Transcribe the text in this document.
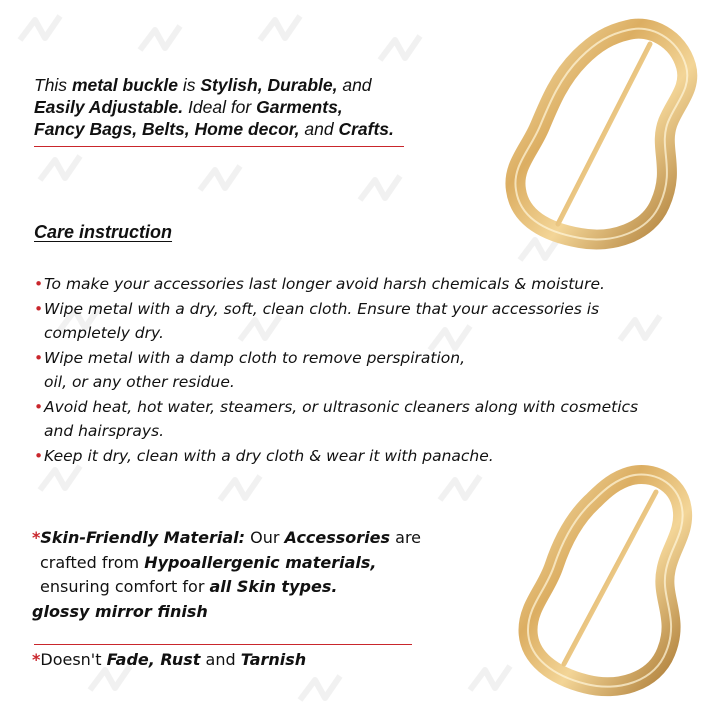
This metal buckle is Stylish, Durable, and
Easily Adjustable. Ideal for Garments,
Fancy Bags, Belts, Home decor, and Crafts.
Care instruction
• To make your accessories last longer avoid harsh chemicals & moisture.
• Wipe metal with a dry, soft, clean cloth. Ensure that your accessories is
completely dry.
• Wipe metal with a damp cloth to remove perspiration,
oil, or any other residue.
• Avoid heat, hot water, steamers, or ultrasonic cleaners along with cosmetics
and hairsprays.
• Keep it dry, clean with a dry cloth & wear it with panache.
*Skin-Friendly Material: Our Accessories are
crafted from Hypoallergenic materials,
ensuring comfort for all Skin types.
glossy mirror finish
*Doesn't Fade, Rust and Tarnish
